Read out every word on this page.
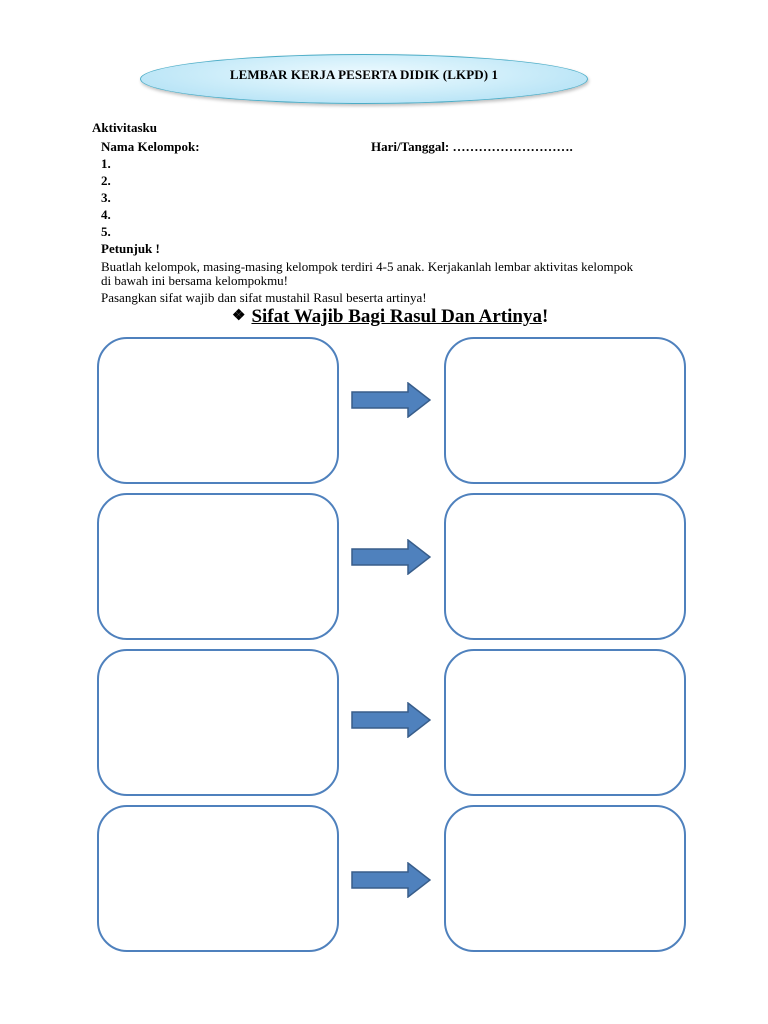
LEMBAR KERJA PESERTA DIDIK (LKPD) 1
Aktivitasku
Nama Kelompok:	Hari/Tanggal: ……………………….
1.
2.
3.
4.
5.
Petunjuk !
Buatlah kelompok, masing-masing kelompok terdiri 4-5 anak. Kerjakanlah lembar aktivitas kelompok
di bawah ini bersama kelompokmu!
Pasangkan sifat wajib dan sifat mustahil Rasul beserta artinya!
❖ Sifat Wajib Bagi Rasul Dan Artinya!
